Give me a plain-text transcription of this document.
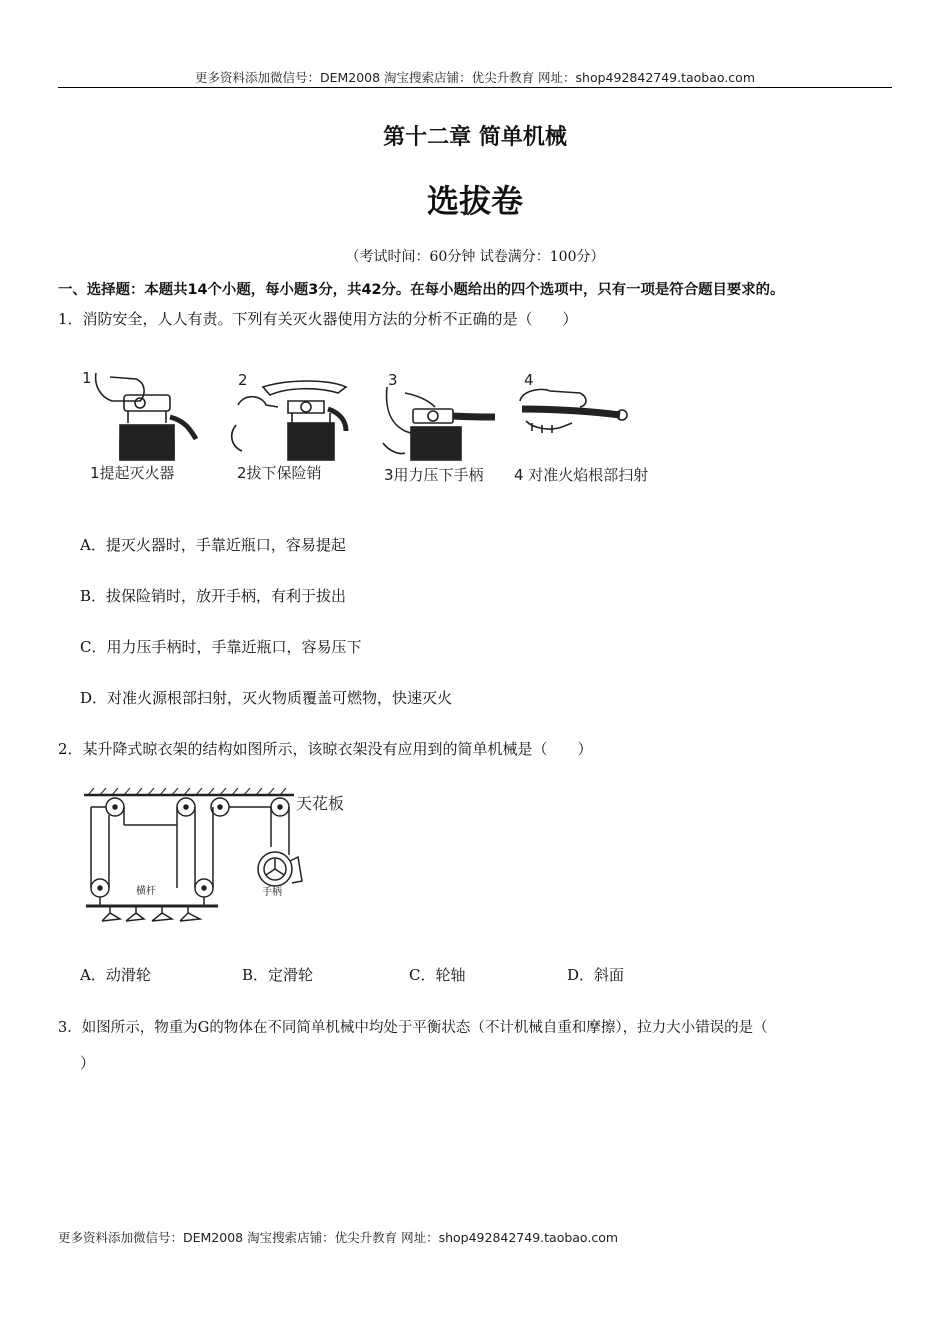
更多资料添加微信号：DEM2008 淘宝搜索店铺：优尖升教育 网址：shop492842749.taobao.com
第十二章 简单机械
选拔卷
（考试时间：60分钟 试卷满分：100分）
一、选择题：本题共14个小题，每小题3分，共42分。在每小题给出的四个选项中，只有一项是符合题目要求的。
1．消防安全，人人有责。下列有关灭火器使用方法的分析不正确的是（　　）
1	2	3	4
1提起灭火器	2拔下保险销	3用力压下手柄 4 对准火焰根部扫射
A．提灭火器时，手靠近瓶口，容易提起
B．拔保险销时，放开手柄，有利于拔出
C．用力压手柄时，手靠近瓶口，容易压下
D．对准火源根部扫射，灭火物质覆盖可燃物，快速灭火
2．某升降式晾衣架的结构如图所示，该晾衣架没有应用到的简单机械是（　　）
天花板
横杆	手柄
A．动滑轮	B．定滑轮	C．轮轴	D．斜面
3．如图所示，物重为G的物体在不同简单机械中均处于平衡状态（不计机械自重和摩擦），拉力大小错误的是（
）
更多资料添加微信号：DEM2008 淘宝搜索店铺：优尖升教育 网址：shop492842749.taobao.com
